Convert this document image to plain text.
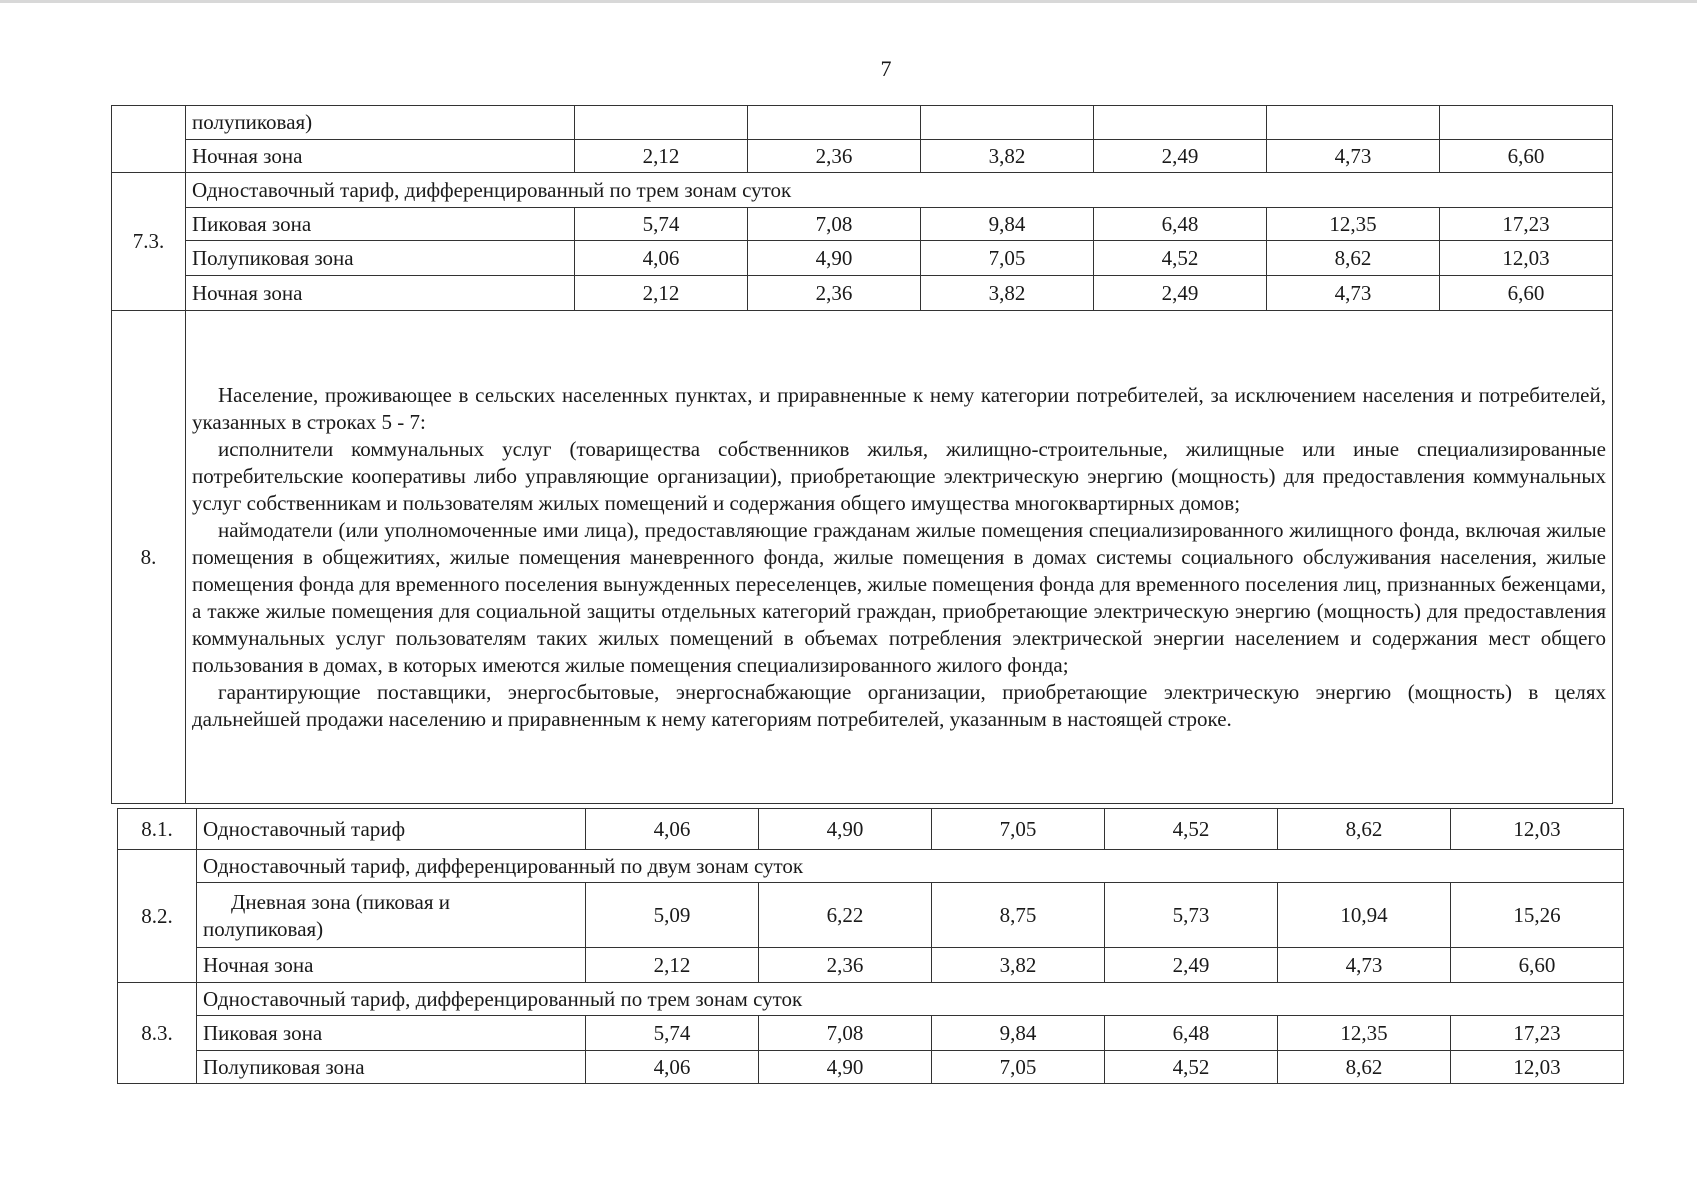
7
	полупиковая)						
	Ночная зона	2,12	2,36	3,82	2,49	4,73	6,60
7.3.	Одноставочный тариф, дифференцированный по трем зонам суток						
	Пиковая зона	5,74	7,08	9,84	6,48	12,35	17,23
	Полупиковая зона	4,06	4,90	7,05	4,52	8,62	12,03
	Ночная зона	2,12	2,36	3,82	2,49	4,73	6,60
8.	Население, проживающее в сельских населенных пунктах, и приравненные к нему категории потребителей, за исключением населения и потребителей, указанных в строках 5 - 7:

исполнители коммунальных услуг (товарищества собственников жилья, жилищно-строительные, жилищные или иные специализированные потребительские кооперативы либо управляющие организации), приобретающие электрическую энергию (мощность) для предоставления коммунальных услуг собственникам и пользователям жилых помещений и содержания общего имущества многоквартирных домов;

наймодатели (или уполномоченные ими лица), предоставляющие гражданам жилые помещения специализированного жилищного фонда, включая жилые помещения в общежитиях, жилые помещения маневренного фонда, жилые помещения в домах системы социального обслуживания населения, жилые помещения фонда для временного поселения вынужденных переселенцев, жилые помещения фонда для временного поселения лиц, признанных беженцами, а также жилые помещения для социальной защиты отдельных категорий граждан, приобретающие электрическую энергию (мощность) для предоставления коммунальных услуг пользователям таких жилых помещений в объемах потребления электрической энергии населением и содержания мест общего пользования в домах, в которых имеются жилые помещения специализированного жилого фонда;

гарантирующие поставщики, энергосбытовые, энергоснабжающие организации, приобретающие электрическую энергию (мощность) в целях дальнейшей продажи населению и приравненным к нему категориям потребителей, указанным в настоящей строке.						

8.1.	Одноставочный тариф	4,06	4,90	7,05	4,52	8,62	12,03
8.2.	Одноставочный тариф, дифференцированный по двум зонам суток						

	Дневная зона (пиковая и
полупиковая)	5,09	6,22	8,75	5,73	10,94	15,26
	Ночная зона	2,12	2,36	3,82	2,49	4,73	6,60
8.3.	Одноставочный тариф, дифференцированный по трем зонам суток						
	Пиковая зона	5,74	7,08	9,84	6,48	12,35	17,23
	Полупиковая зона	4,06	4,90	7,05	4,52	8,62	12,03
